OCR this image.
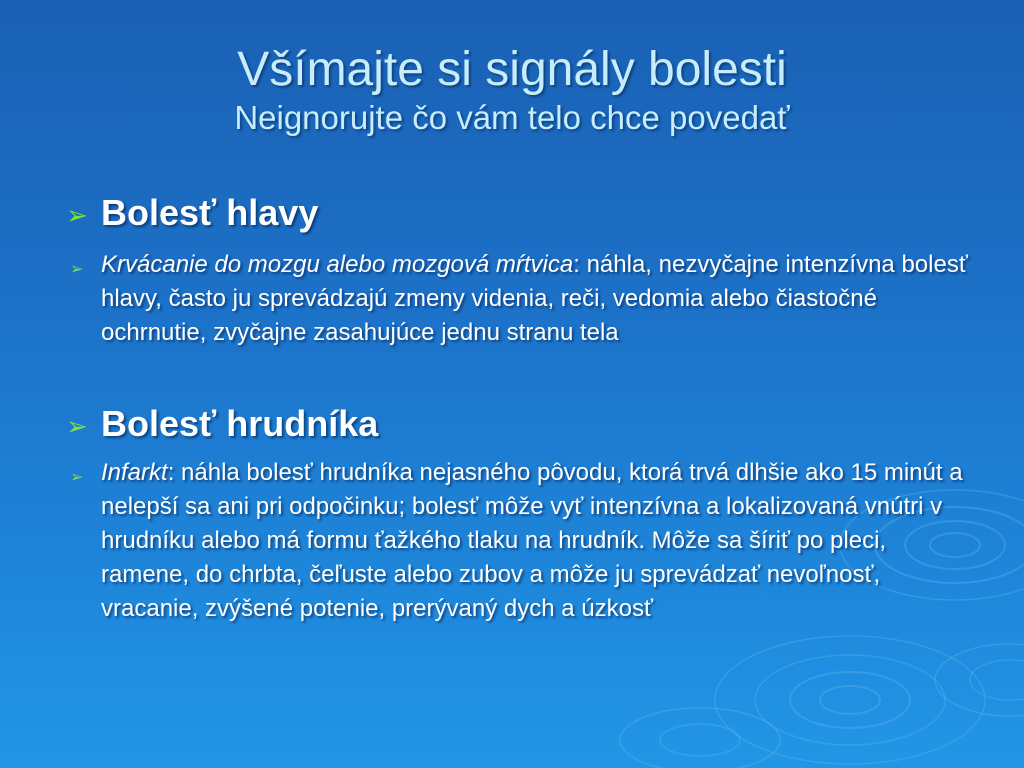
Všímajte si signály bolesti
Neignorujte čo vám telo chce povedať
➢ Bolesť hlavy
➢ Krvácanie do mozgu alebo mozgová mŕtvica: náhla, nezvyčajne intenzívna bolesť hlavy, často ju sprevádzajú zmeny videnia, reči, vedomia alebo čiastočné ochrnutie, zvyčajne zasahujúce jednu stranu tela
➢ Bolesť hrudníka
➢ Infarkt: náhla bolesť hrudníka nejasného pôvodu, ktorá trvá dlhšie ako 15 minút a nelepší sa ani pri odpočinku; bolesť môže vyť intenzívna a lokalizovaná vnútri v hrudníku alebo má formu ťažkého tlaku na hrudník. Môže sa šíriť po pleci, ramene, do chrbta, čeľuste alebo zubov a môže ju sprevádzať nevoľnosť, vracanie, zvýšené potenie, prerývaný dych a úzkosť
